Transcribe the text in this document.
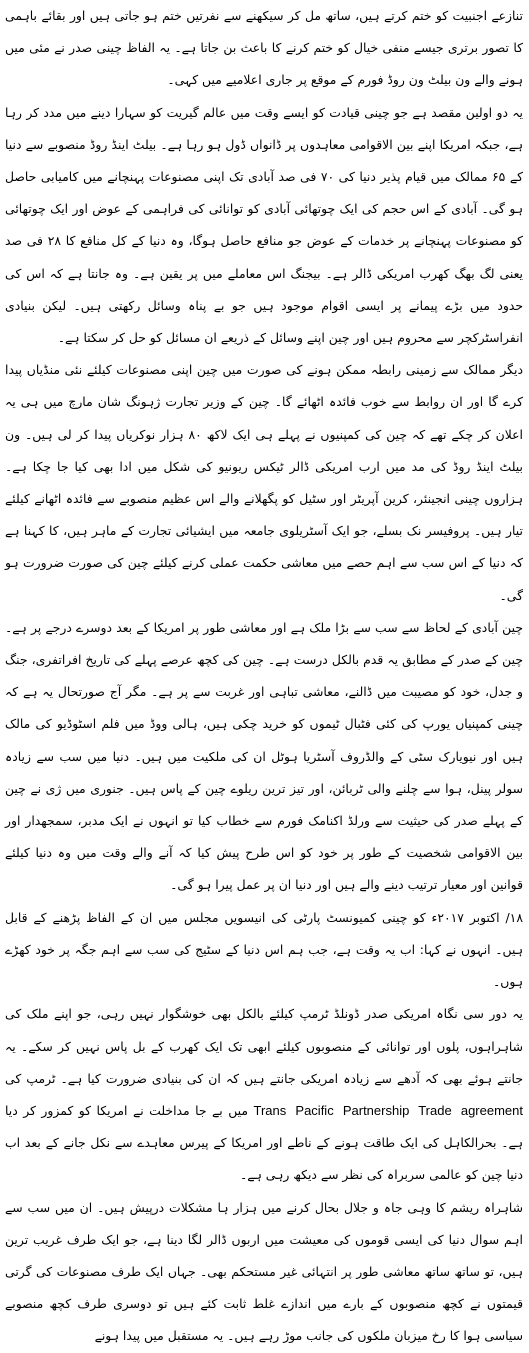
تنازعے اجنبیت کو ختم کرتے ہیں، ساتھ مل کر سیکھنے سے نفرتیں ختم ہو جاتی ہیں اور بقائے باہمی کا تصور برتری جیسے منفی خیال کو ختم کرنے کا باعث بن جاتا ہے۔ یہ الفاظ چینی صدر نے مئی میں ہونے والے ون بیلٹ ون روڈ فورم کے موقع پر جاری اعلامیے میں کہی۔

یہ دو اولین مقصد ہے جو چینی قیادت کو ایسے وقت میں عالم گیریت کو سہارا دینے میں مدد کر رہا ہے، جبکہ امریکا اپنے بین الاقوامی معاہدوں پر ڈانواں ڈول ہو رہا ہے۔ بیلٹ اینڈ روڈ منصوبے سے دنیا کے ۶۵ ممالک میں قیام پذیر دنیا کی ۷۰ فی صد آبادی تک اپنی مصنوعات پہنچانے میں کامیابی حاصل ہو گی۔ آبادی کے اس حجم کی ایک چوتھائی آبادی کو توانائی کی فراہمی کے عوض اور ایک چوتھائی کو مصنوعات پہنچانے پر خدمات کے عوض جو منافع حاصل ہوگا، وہ دنیا کے کل منافع کا ۲۸ فی صد یعنی لگ بھگ کھرب امریکی ڈالر ہے۔ بیجنگ اس معاملے میں پر یقین ہے۔ وہ جانتا ہے کہ اس کی حدود میں بڑے پیمانے پر ایسی اقوام موجود ہیں جو بے پناہ وسائل رکھتی ہیں۔ لیکن بنیادی انفراسٹرکچر سے محروم ہیں اور چین اپنے وسائل کے ذریعے ان مسائل کو حل کر سکتا ہے۔

دیگر ممالک سے زمینی رابطہ ممکن ہونے کی صورت میں چین اپنی مصنوعات کیلئے نئی منڈیاں پیدا کرے گا اور ان روابط سے خوب فائدہ اٹھائے گا۔ چین کے وزیر تجارت ژہونگ شان مارچ میں ہی یہ اعلان کر چکے تھے کہ چین کی کمپنیوں نے پہلے ہی ایک لاکھ ۸۰ ہزار نوکریاں پیدا کر لی ہیں۔ ون بیلٹ اینڈ روڈ کی مد میں ارب امریکی ڈالر ٹیکس ریونیو کی شکل میں ادا بھی کیا جا چکا ہے۔ ہزاروں چینی انجینئر، کرین آپریٹر اور سٹیل کو پگھلانے والے اس عظیم منصوبے سے فائدہ اٹھانے کیلئے تیار ہیں۔ پروفیسر نک بسلے، جو ایک آسٹریلوی جامعہ میں ایشیائی تجارت کے ماہر ہیں، کا کہنا ہے کہ دنیا کے اس سب سے اہم حصے میں معاشی حکمت عملی کرنے کیلئے چین کی صورت ضرورت ہو گی۔

چین آبادی کے لحاظ سے سب سے بڑا ملک ہے اور معاشی طور پر امریکا کے بعد دوسرے درجے پر ہے۔ چین کے صدر کے مطابق یہ قدم بالکل درست ہے۔ چین کی کچھ عرصے پہلے کی تاریخ افراتفری، جنگ و جدل، خود کو مصیبت میں ڈالنے، معاشی تباہی اور غربت سے پر ہے۔ مگر آج صورتحال یہ ہے کہ چینی کمپنیاں یورپ کی کئی فٹبال ٹیموں کو خرید چکی ہیں، ہالی ووڈ میں فلم اسٹوڈیو کی مالک ہیں اور نیویارک سٹی کے والڈروف آسٹریا ہوٹل ان کی ملکیت میں ہیں۔ دنیا میں سب سے زیادہ سولر پینل، ہوا سے چلنے والی ٹربائن، اور تیز ترین ریلوے چین کے پاس ہیں۔ جنوری میں ژی نے چین کے پہلے صدر کی حیثیت سے ورلڈ اکنامک فورم سے خطاب کیا تو انہوں نے ایک مدبر، سمجھدار اور بین الاقوامی شخصیت کے طور پر خود کو اس طرح پیش کیا کہ آنے والے وقت میں وہ دنیا کیلئے قوانین اور معیار ترتیب دینے والے ہیں اور دنیا ان پر عمل پیرا ہو گی۔

۱۸/ اکتوبر ۲۰۱۷ء کو چینی کمیونسٹ پارٹی کی انیسویں مجلس میں ان کے الفاظ پڑھنے کے قابل ہیں۔ انہوں نے کہا: اب یہ وقت ہے، جب ہم اس دنیا کے سٹیج کی سب سے اہم جگہ پر خود کھڑے ہوں۔

یہ دور سی نگاہ امریکی صدر ڈونلڈ ٹرمپ کیلئے بالکل بھی خوشگوار نہیں رہی، جو اپنے ملک کی شاہراہوں، پلوں اور توانائی کے منصوبوں کیلئے ابھی تک ایک کھرب کے بل پاس نہیں کر سکے۔ یہ جانتے ہوئے بھی کہ آدھے سے زیادہ امریکی جانتے ہیں کہ ان کی بنیادی ضرورت کیا ہے۔ ٹرمپ کی Trans Pacific Partnership Trade agreement میں بے جا مداخلت نے امریکا کو کمزور کر دیا ہے۔ بحرالکاہل کی ایک طاقت ہونے کے ناطے اور امریکا کے پیرس معاہدے سے نکل جانے کے بعد اب دنیا چین کو عالمی سربراہ کی نظر سے دیکھ رہی ہے۔

شاہراہ ریشم کا وہی جاہ و جلال بحال کرنے میں ہزار ہا مشکلات درپیش ہیں۔ ان میں سب سے اہم سوال دنیا کی ایسی قوموں کی معیشت میں اربوں ڈالر لگا دینا ہے، جو ایک طرف غریب ترین ہیں، تو ساتھ ساتھ معاشی طور پر انتہائی غیر مستحکم بھی۔ جہاں ایک طرف مصنوعات کی گرتی قیمتوں نے کچھ منصوبوں کے بارے میں اندازے غلط ثابت کئے ہیں تو دوسری طرف کچھ منصوبے سیاسی ہوا کا رخ میزبان ملکوں کی جانب موڑ رہے ہیں۔ یہ مستقبل میں پیدا ہونے
